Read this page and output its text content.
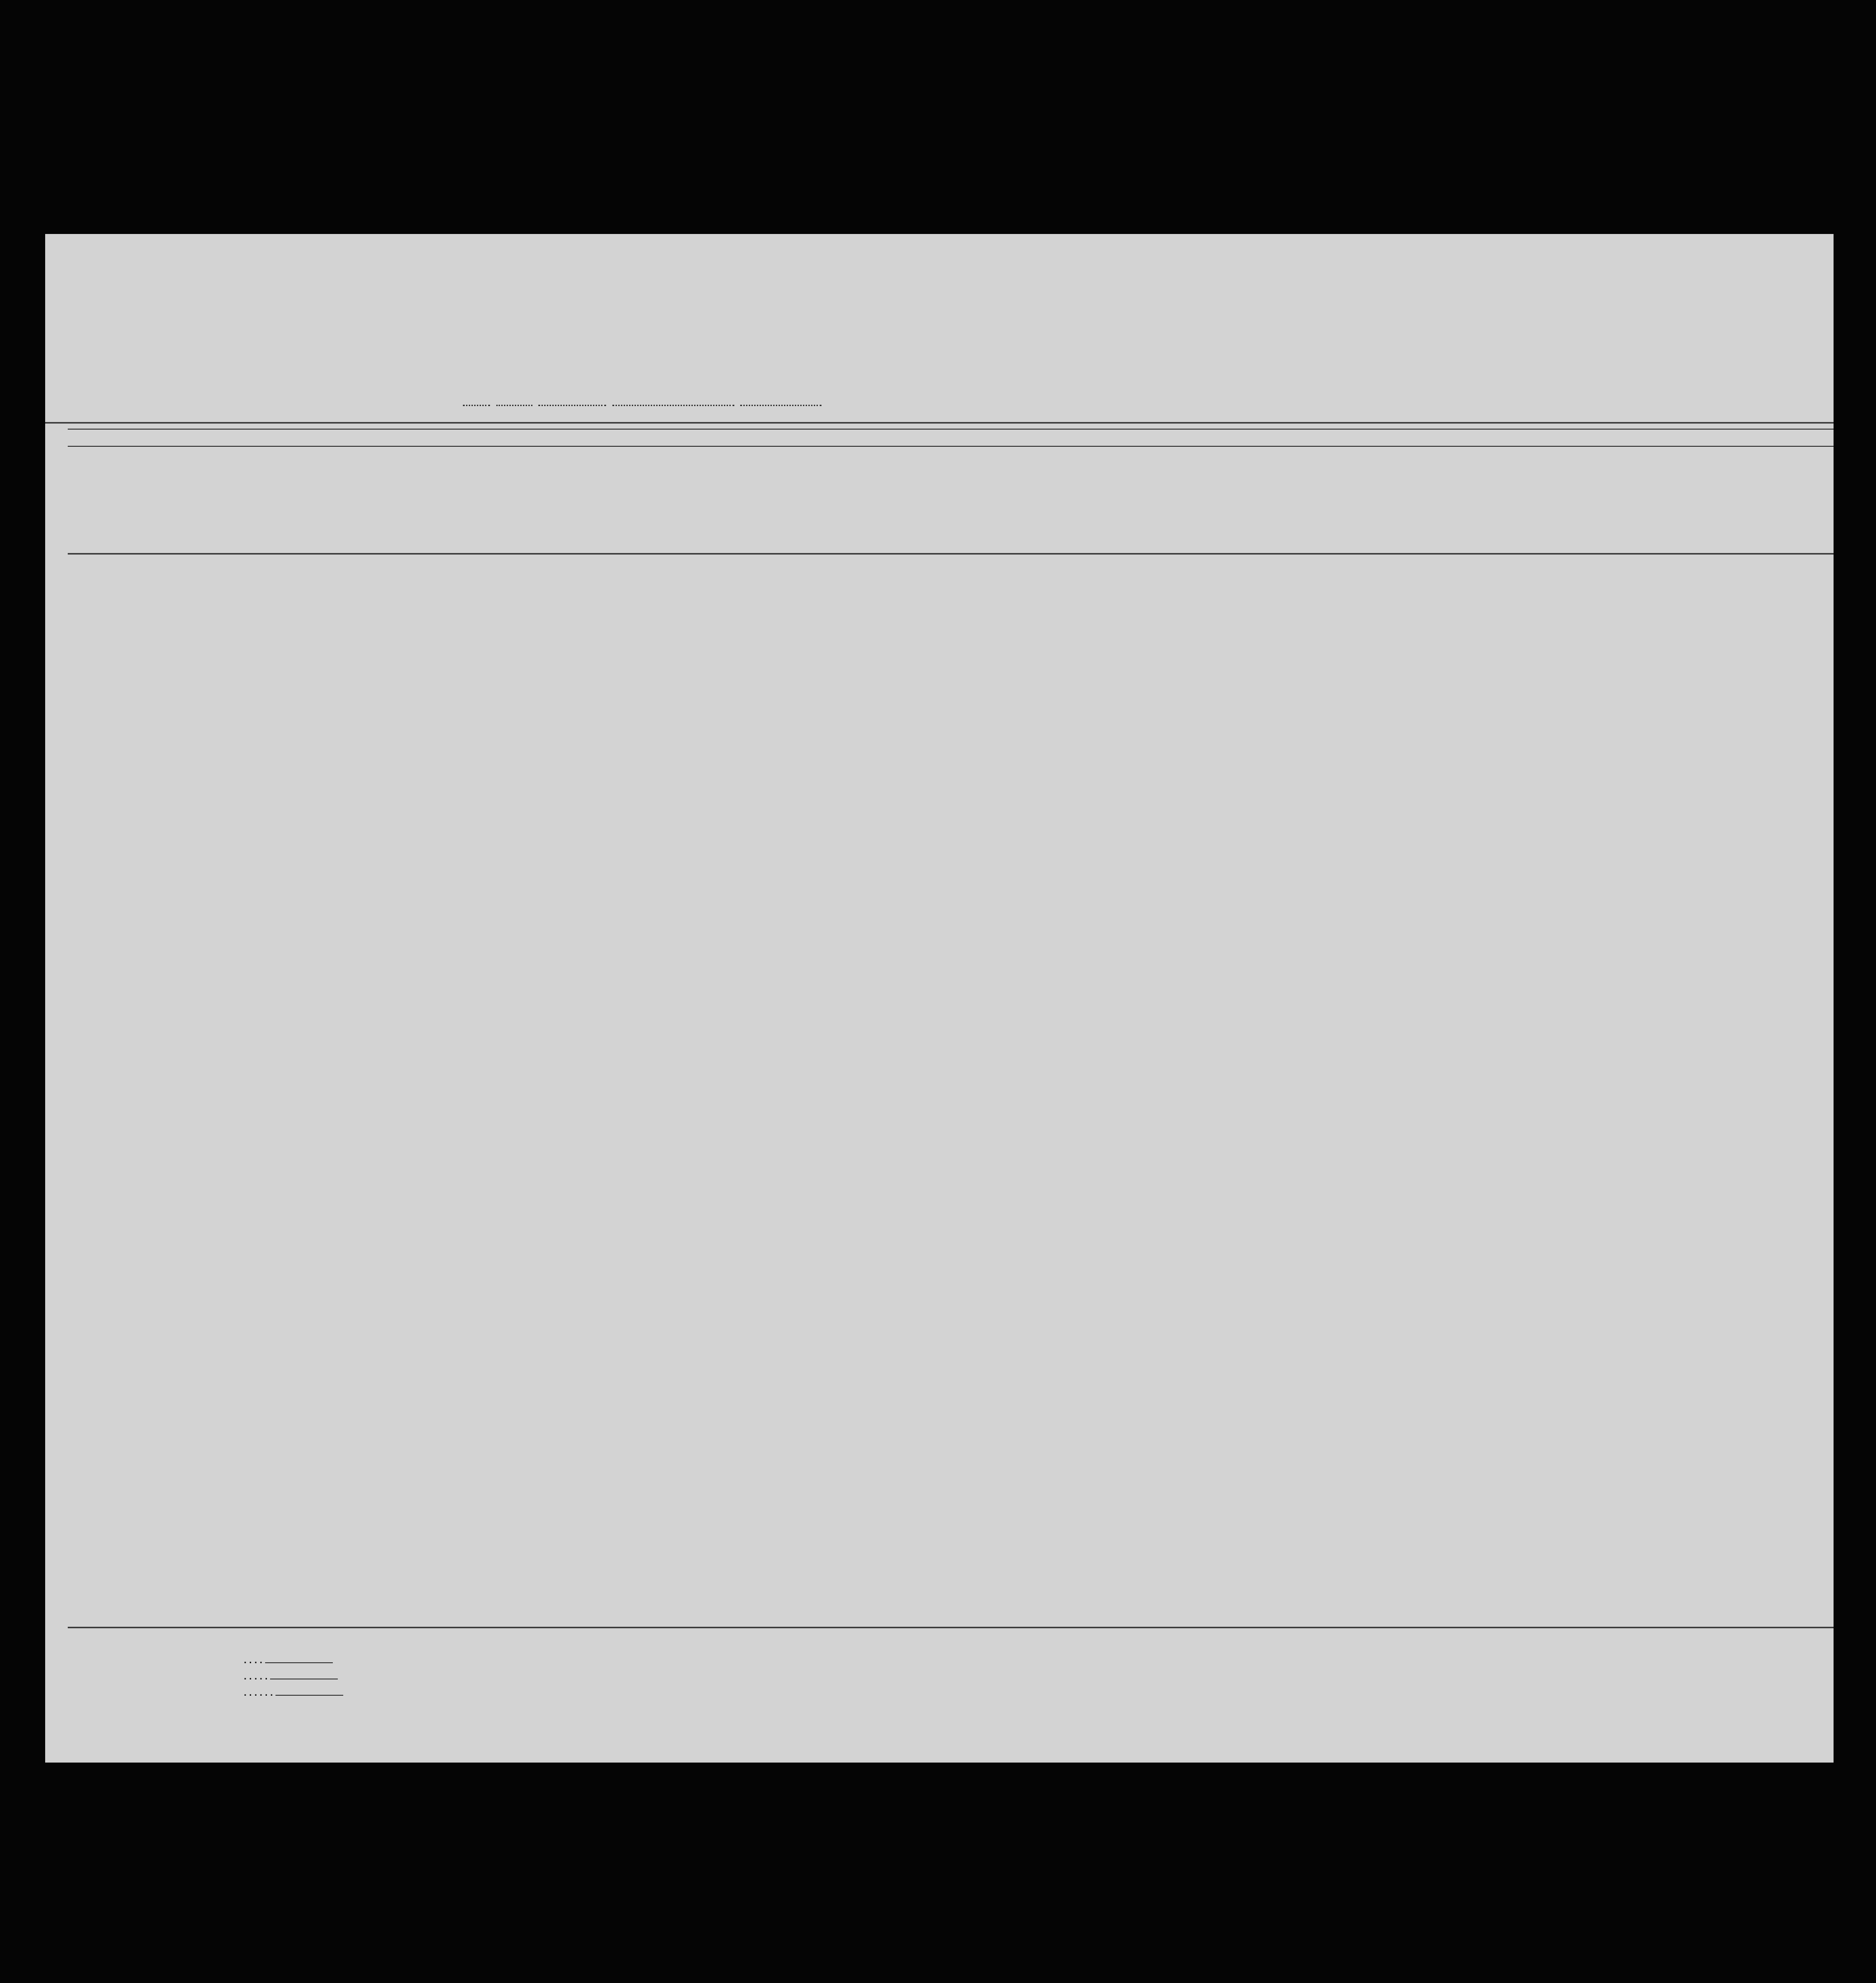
. . . .
. . . . .
. . . . . .
